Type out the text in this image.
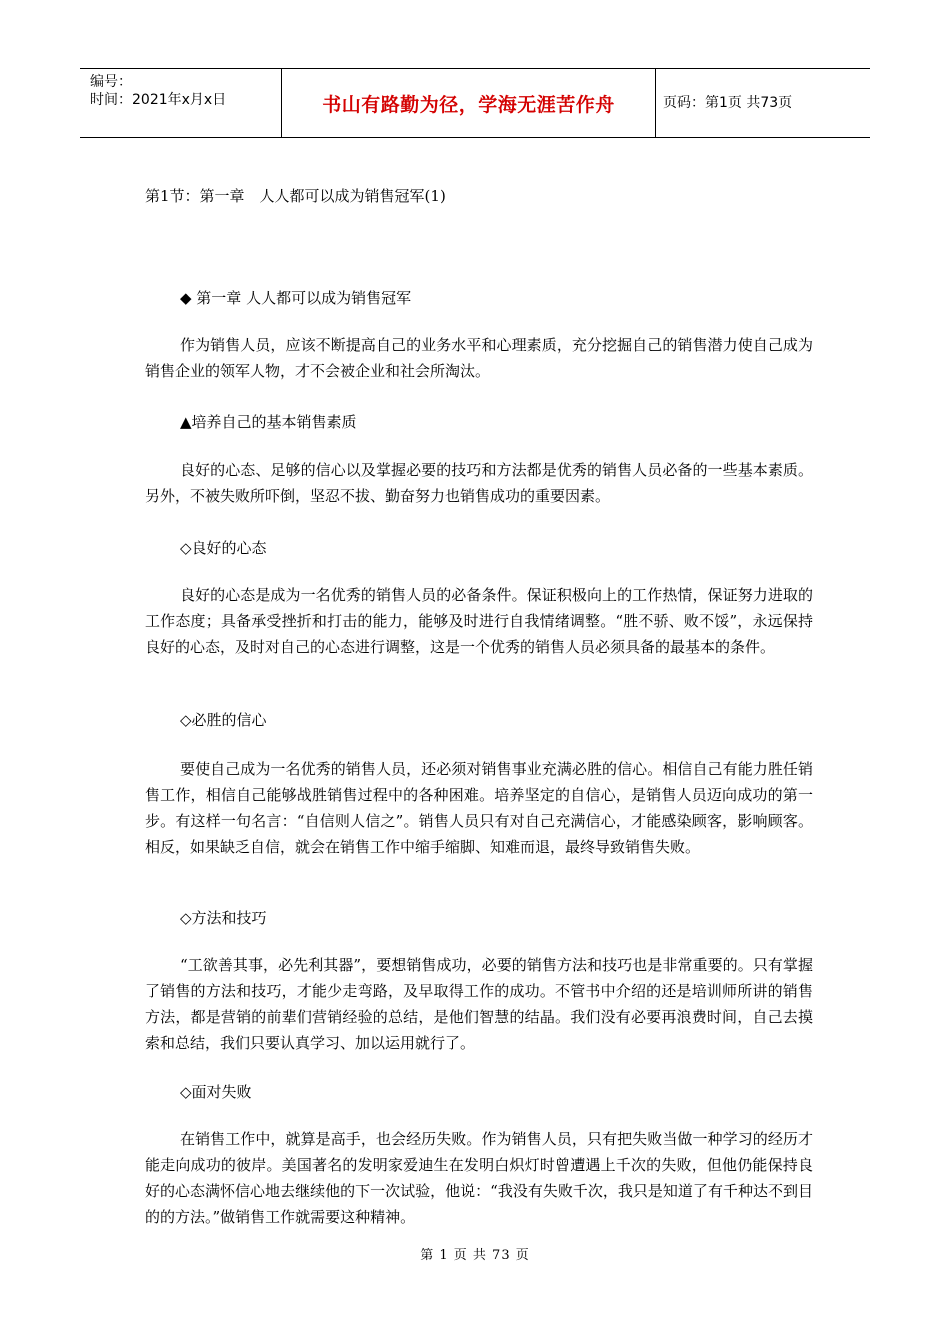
编号：
时间：2021年x月x日	书山有路勤为径，学海无涯苦作舟	页码：第1页 共73页
第1节：第一章　人人都可以成为销售冠军(1)
◆ 第一章 人人都可以成为销售冠军
作为销售人员，应该不断提高自己的业务水平和心理素质，充分挖掘自己的销售潜力使自己成为销售企业的领军人物，才不会被企业和社会所淘汰。
▲培养自己的基本销售素质
良好的心态、足够的信心以及掌握必要的技巧和方法都是优秀的销售人员必备的一些基本素质。另外，不被失败所吓倒，坚忍不拔、勤奋努力也销售成功的重要因素。
◇良好的心态
良好的心态是成为一名优秀的销售人员的必备条件。保证积极向上的工作热情，保证努力进取的工作态度；具备承受挫折和打击的能力，能够及时进行自我情绪调整。“胜不骄、败不馁”，永远保持良好的心态，及时对自己的心态进行调整，这是一个优秀的销售人员必须具备的最基本的条件。
◇必胜的信心
要使自己成为一名优秀的销售人员，还必须对销售事业充满必胜的信心。相信自己有能力胜任销售工作，相信自己能够战胜销售过程中的各种困难。培养坚定的自信心，是销售人员迈向成功的第一步。有这样一句名言：“自信则人信之”。销售人员只有对自己充满信心，才能感染顾客，影响顾客。相反，如果缺乏自信，就会在销售工作中缩手缩脚、知难而退，最终导致销售失败。
◇方法和技巧
“工欲善其事，必先利其器”，要想销售成功，必要的销售方法和技巧也是非常重要的。只有掌握了销售的方法和技巧，才能少走弯路，及早取得工作的成功。不管书中介绍的还是培训师所讲的销售方法，都是营销的前辈们营销经验的总结，是他们智慧的结晶。我们没有必要再浪费时间，自己去摸索和总结，我们只要认真学习、加以运用就行了。
◇面对失败
在销售工作中，就算是高手，也会经历失败。作为销售人员，只有把失败当做一种学习的经历才能走向成功的彼岸。美国著名的发明家爱迪生在发明白炽灯时曾遭遇上千次的失败，但他仍能保持良好的心态满怀信心地去继续他的下一次试验，他说：“我没有失败千次，我只是知道了有千种达不到目的的方法。”做销售工作就需要这种精神。
第 1 页 共 73 页
